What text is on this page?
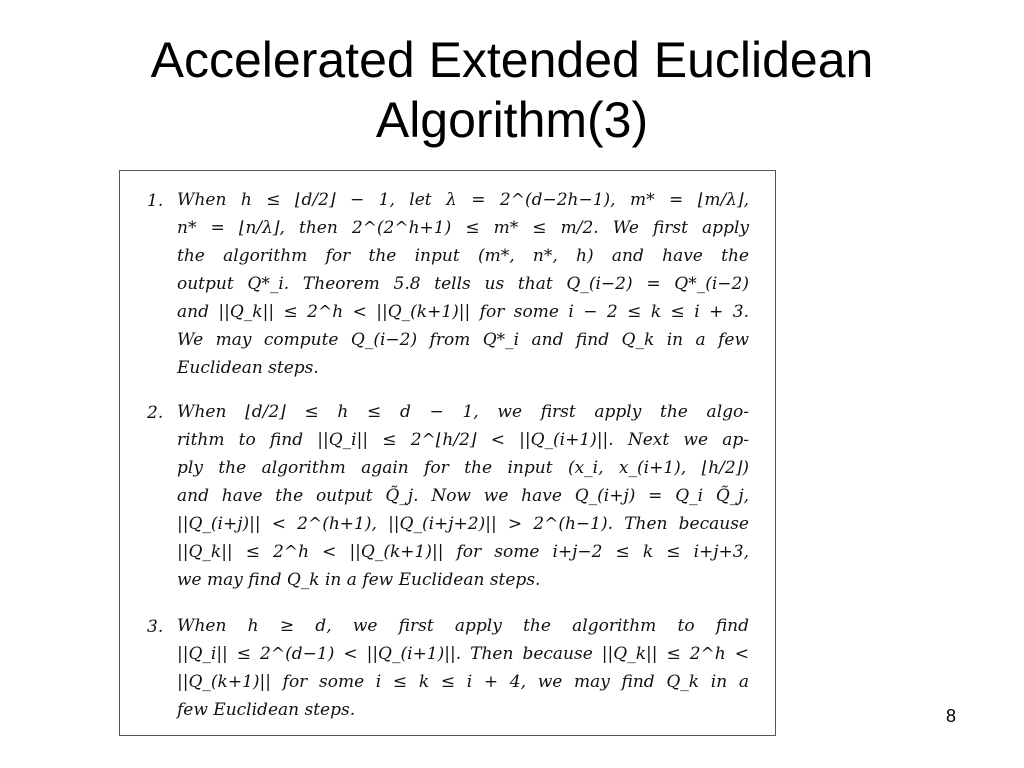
Accelerated Extended Euclidean
Algorithm(3)
1. When h ≤ ⌊d/2⌋ − 1, let λ = 2^(d−2h−1), m* = ⌊m/λ⌋,
n* = ⌊n/λ⌋, then 2^(2^h+1) ≤ m* ≤ m/2. We first apply
the algorithm for the input (m*, n*, h) and have the
output Q*_i. Theorem 5.8 tells us that Q_(i−2) = Q*_(i−2)
and ||Q_k|| ≤ 2^h < ||Q_(k+1)|| for some i − 2 ≤ k ≤ i + 3.
We may compute Q_(i−2) from Q*_i and find Q_k in a few
Euclidean steps.
2. When ⌊d/2⌋ ≤ h ≤ d − 1, we first apply the algo-
rithm to find ||Q_i|| ≤ 2^⌊h/2⌋ < ||Q_(i+1)||. Next we ap-
ply the algorithm again for the input (x_i, x_(i+1), ⌊h/2⌋)
and have the output Q̃_j. Now we have Q_(i+j) = Q_i Q̃_j,
||Q_(i+j)|| < 2^(h+1), ||Q_(i+j+2)|| > 2^(h−1). Then because
||Q_k|| ≤ 2^h < ||Q_(k+1)|| for some i+j−2 ≤ k ≤ i+j+3,
we may find Q_k in a few Euclidean steps.
3. When h ≥ d, we first apply the algorithm to find
||Q_i|| ≤ 2^(d−1) < ||Q_(i+1)||. Then because ||Q_k|| ≤ 2^h <
||Q_(k+1)|| for some i ≤ k ≤ i + 4, we may find Q_k in a
few Euclidean steps.	8
